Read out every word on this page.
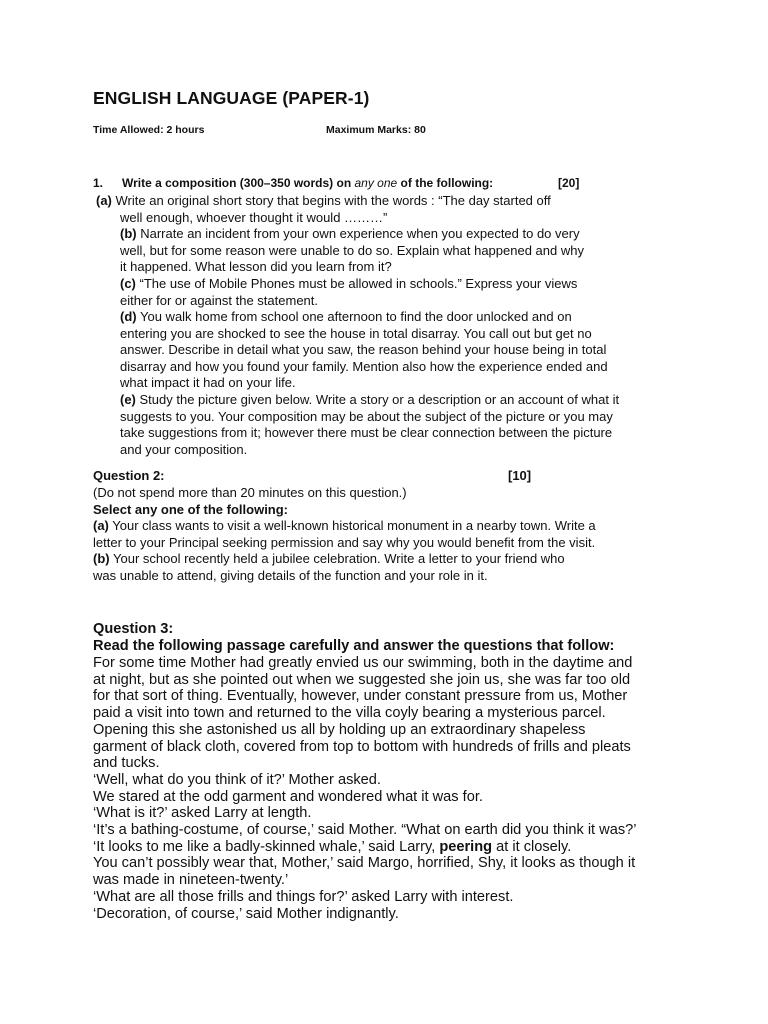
ENGLISH LANGUAGE (PAPER-1)
Time Allowed: 2 hours	Maximum Marks: 80
1. Write a composition (300–350 words) on any one of the following:	[20]
(a) Write an original short story that begins with the words : “The day started off
well enough, whoever thought it would ………”
(b) Narrate an incident from your own experience when you expected to do very
well, but for some reason were unable to do so. Explain what happened and why
it happened. What lesson did you learn from it?
(c) “The use of Mobile Phones must be allowed in schools.” Express your views
either for or against the statement.
(d) You walk home from school one afternoon to find the door unlocked and on
entering you are shocked to see the house in total disarray. You call out but get no
answer. Describe in detail what you saw, the reason behind your house being in total
disarray and how you found your family. Mention also how the experience ended and
what impact it had on your life.
(e) Study the picture given below. Write a story or a description or an account of what it
suggests to you. Your composition may be about the subject of the picture or you may
take suggestions from it; however there must be clear connection between the picture
and your composition.
Question 2:	[10]
(Do not spend more than 20 minutes on this question.)
Select any one of the following:
(a) Your class wants to visit a well-known historical monument in a nearby town. Write a
letter to your Principal seeking permission and say why you would benefit from the visit.
(b) Your school recently held a jubilee celebration. Write a letter to your friend who
was unable to attend, giving details of the function and your role in it.
Question 3:
Read the following passage carefully and answer the questions that follow:
For some time Mother had greatly envied us our swimming, both in the daytime and
at night, but as she pointed out when we suggested she join us, she was far too old
for that sort of thing. Eventually, however, under constant pressure from us, Mother
paid a visit into town and returned to the villa coyly bearing a mysterious parcel.
Opening this she astonished us all by holding up an extraordinary shapeless
garment of black cloth, covered from top to bottom with hundreds of frills and pleats
and tucks.
‘Well, what do you think of it?’ Mother asked.
We stared at the odd garment and wondered what it was for.
‘What is it?’ asked Larry at length.
‘It’s a bathing-costume, of course,’ said Mother. “What on earth did you think it was?’
‘It looks to me like a badly-skinned whale,’ said Larry, peering at it closely.
You can’t possibly wear that, Mother,’ said Margo, horrified, Shy, it looks as though it
was made in nineteen-twenty.’
‘What are all those frills and things for?’ asked Larry with interest.
‘Decoration, of course,’ said Mother indignantly.
